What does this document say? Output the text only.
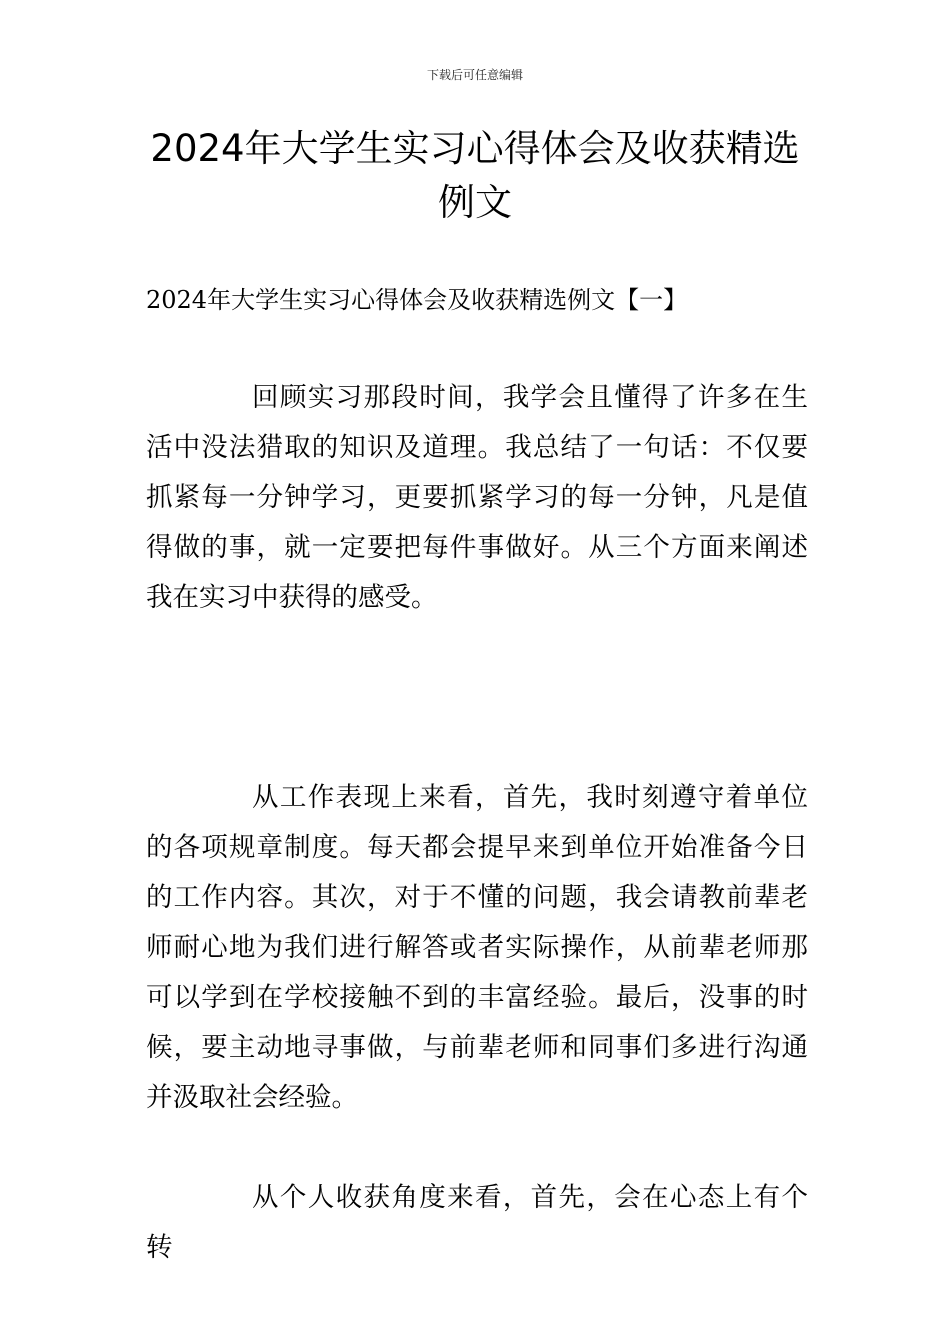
下载后可任意编辑
2024年大学生实习心得体会及收获精选例文

2024年大学生实习心得体会及收获精选例文【一】

回顾实习那段时间，我学会且懂得了许多在生活中没法猎取的知识及道理。我总结了一句话：不仅要抓紧每一分钟学习，更要抓紧学习的每一分钟，凡是值得做的事，就一定要把每件事做好。从三个方面来阐述我在实习中获得的感受。

从工作表现上来看，首先，我时刻遵守着单位的各项规章制度。每天都会提早来到单位开始准备今日的工作内容。其次，对于不懂的问题，我会请教前辈老师耐心地为我们进行解答或者实际操作，从前辈老师那可以学到在学校接触不到的丰富经验。最后，没事的时候，要主动地寻事做，与前辈老师和同事们多进行沟通并汲取社会经验。

从个人收获角度来看，首先，会在心态上有个转
